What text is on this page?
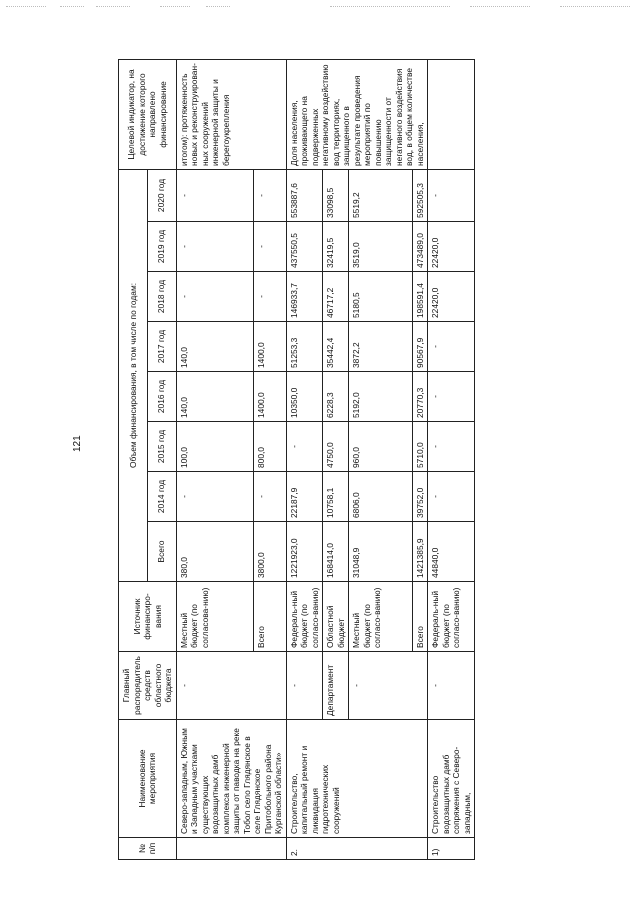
121
№ п/п	Наименование мероприятия	Главный распорядитель средств областного бюджета	Источник финансиро-вания	Объем финансирования, в том числе по годам:								Целевой индикатор, на достижение которого направлено финансирование
				Всего	2014 год	2015 год	2016 год	2017 год	2018 год	2019 год	2020 год	
	Северо-западным, Южным и Западным участками существующих водозащитных дамб комплекса инженерной защиты от паводка на реке Тобол село Глядянское в селе Глядянское Притобольного района Курганской области»	-	Местный бюджет (по согласова-нию)	380,0	-	100,0	140,0	140,0	-	-	-	итогом): протяженность новых и реконструирован-ных сооружений инженерной защиты и берегоукрепления
			Всего	3800,0	-	800,0	1400,0	1400,0	-	-	-	
2.	Строительство, капитальный ремонт и ликвидация гидротехнических сооружений	-	Федераль-ный бюджет (по согласо-ванию)	1221923,0	22187,9	-	10350,0	51253,3	146933,7	437550,5	553887,6	Доля населения, проживающего на подверженных негативному воздействию вод территориях, защищенного в результате проведения мероприятий по повышению защищенности от негативного воздействия вод, в общем количестве населения,
		Департамент	Областной бюджет	168414,0	10758,1	4750,0	6228,3	35442,4	46717,2	32419,5	33098,5	
		-	Местный бюджет (по согласо-ванию)	31048,9	6806,0	960,0	5192,0	3872,2	5180,5	3519,0	5519,2	
			Всего	1421385,9	39752,0	5710,0	20770,3	90567,9	198591,4	473489,0	592505,3	
1)	Строительство водозащитных дамб сопряжения с Северо-западным,	-	Федераль-ный бюджет (по согласо-ванию)	44840,0	-	-	-	-	22420,0	22420,0	-	
